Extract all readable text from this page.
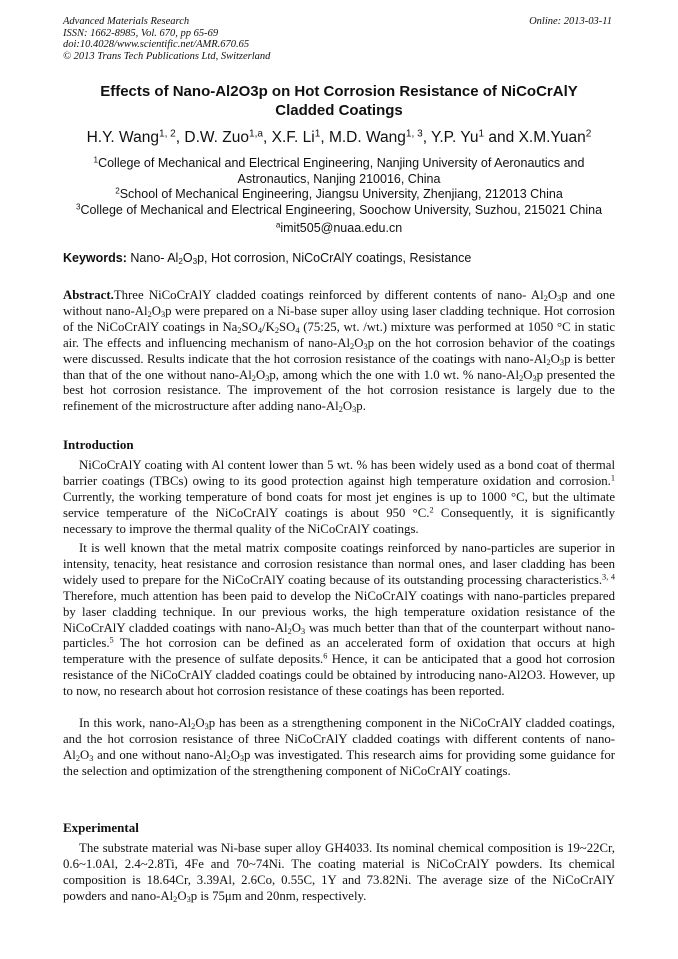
Advanced Materials Research
ISSN: 1662-8985, Vol. 670, pp 65-69
doi:10.4028/www.scientific.net/AMR.670.65
© 2013 Trans Tech Publications Ltd, Switzerland
Online: 2013-03-11
Effects of Nano-Al2O3p on Hot Corrosion Resistance of NiCoCrAlY
Cladded Coatings
H.Y. Wang$^{1, 2}$, D.W. Zuo$^{1,a}$, X.F. Li$^1$, M.D. Wang$^{1, 3}$, Y.P. Yu$^1$ and X.M.Yuan$^2$
$^1$College of Mechanical and Electrical Engineering, Nanjing University of Aeronautics and
Astronautics, Nanjing 210016, China
$^2$School of Mechanical Engineering, Jiangsu University, Zhenjiang, 212013 China
$^3$College of Mechanical and Electrical Engineering, Soochow University, Suzhou, 215021 China
$^a$imit505@nuaa.edu.cn
Keywords: Nano- $Al_2O_3p$, Hot corrosion, NiCoCrAlY coatings, Resistance
Abstract.Three NiCoCrAlY cladded coatings reinforced by different contents of nano- $Al_2O_3p$ and one without nano-$Al_2O_3p$ were prepared on a Ni-base super alloy using laser cladding technique. Hot corrosion of the NiCoCrAlY coatings in $Na_2SO_4/K_2SO_4$ (75:25, wt. /wt.) mixture was performed at 1050 °C in static air. The effects and influencing mechanism of nano-$Al_2O_3p$ on the hot corrosion behavior of the coatings were discussed. Results indicate that the hot corrosion resistance of the coatings with nano-$Al_2O_3p$ is better than that of the one without nano-$Al_2O_3p$, among which the one with 1.0 wt. % nano-$Al_2O_3p$ presented the best hot corrosion resistance. The improvement of the hot corrosion resistance is largely due to the refinement of the microstructure after adding nano-$Al_2O_3p$.
Introduction
NiCoCrAlY coating with Al content lower than 5 wt. % has been widely used as a bond coat of thermal barrier coatings (TBCs) owing to its good protection against high temperature oxidation and corrosion.$^1$ Currently, the working temperature of bond coats for most jet engines is up to 1000 °C, but the ultimate service temperature of the NiCoCrAlY coatings is about 950 °C.$^2$ Consequently, it is significantly necessary to improve the thermal quality of the NiCoCrAlY coatings.
It is well known that the metal matrix composite coatings reinforced by nano-particles are superior in intensity, tenacity, heat resistance and corrosion resistance than normal ones, and laser cladding has been widely used to prepare for the NiCoCrAlY coating because of its outstanding processing characteristics.$^{3, 4}$ Therefore, much attention has been paid to develop the NiCoCrAlY coatings with nano-particles prepared by laser cladding technique. In our previous works, the high temperature oxidation resistance of the NiCoCrAlY cladded coatings with nano-$Al_2O_3$ was much better than that of the counterpart without nano-particles.$^5$ The hot corrosion can be defined as an accelerated form of oxidation that occurs at high temperature with the presence of sulfate deposits.$^6$ Hence, it can be anticipated that a good hot corrosion resistance of the NiCoCrAlY cladded coatings could be obtained by introducing nano-Al2O3. However, up to now, no research about hot corrosion resistance of these coatings has been reported.
In this work, nano-$Al_2O_3p$ has been as a strengthening component in the NiCoCrAlY cladded coatings, and the hot corrosion resistance of three NiCoCrAlY cladded coatings with different contents of nano-$Al_2O_3$ and one without nano-$Al_2O_3p$ was investigated. This research aims for providing some guidance for the selection and optimization of the strengthening component of NiCoCrAlY coatings.
Experimental
The substrate material was Ni-base super alloy GH4033. Its nominal chemical composition is 19~22Cr, 0.6~1.0Al, 2.4~2.8Ti, 4Fe and 70~74Ni. The coating material is NiCoCrAlY powders. Its chemical composition is 18.64Cr, 3.39Al, 2.6Co, 0.55C, 1Y and 73.82Ni. The average size of the NiCoCrAlY powders and nano-$Al_2O_3p$ is 75μm and 20nm, respectively.
